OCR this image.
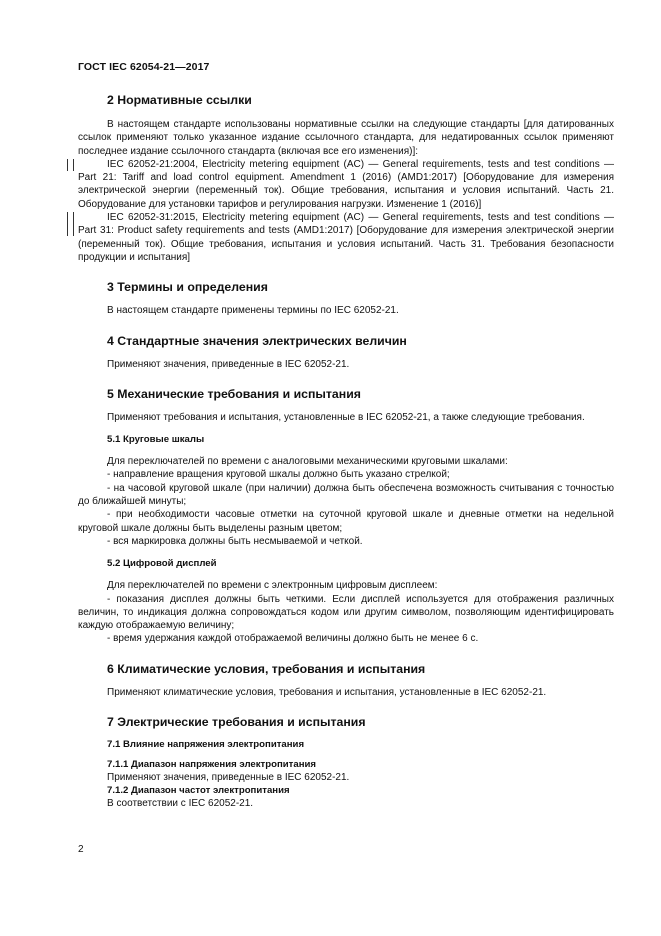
ГОСТ IEC 62054-21—2017
2 Нормативные ссылки

В настоящем стандарте использованы нормативные ссылки на следующие стандарты [для датированных ссылок применяют только указанное издание ссылочного стандарта, для недатированных ссылок применяют последнее издание ссылочного стандарта (включая все его изменения)]:

IEC 62052-21:2004, Electricity metering equipment (AC) — General requirements, tests and test conditions — Part 21: Tariff and load control equipment. Amendment 1 (2016) (AMD1:2017) [Оборудование для измерения электрической энергии (переменный ток). Общие требования, испытания и условия испытаний. Часть 21. Оборудование для установки тарифов и регулирования нагрузки. Изменение 1 (2016)]

IEC 62052-31:2015, Electricity metering equipment (AC) — General requirements, tests and test conditions — Part 31: Product safety requirements and tests (AMD1:2017) [Оборудование для измерения электрической энергии (переменный ток). Общие требования, испытания и условия испытаний. Часть 31. Требования безопасности продукции и испытания]

3 Термины и определения

В настоящем стандарте применены термины по IEC 62052-21.

4 Стандартные значения электрических величин

Применяют значения, приведенные в IEC 62052-21.

5 Механические требования и испытания

Применяют требования и испытания, установленные в IEC 62052-21, а также следующие требования.

5.1 Круговые шкалы

Для переключателей по времени с аналоговыми механическими круговыми шкалами:

- направление вращения круговой шкалы должно быть указано стрелкой;

- на часовой круговой шкале (при наличии) должна быть обеспечена возможность считывания с точностью до ближайшей минуты;

- при необходимости часовые отметки на суточной круговой шкале и дневные отметки на недельной круговой шкале должны быть выделены разным цветом;

- вся маркировка должны быть несмываемой и четкой.

5.2 Цифровой дисплей

Для переключателей по времени с электронным цифровым дисплеем:

- показания дисплея должны быть четкими. Если дисплей используется для отображения различных величин, то индикация должна сопровождаться кодом или другим символом, позволяющим идентифицировать каждую отображаемую величину;

- время удержания каждой отображаемой величины должно быть не менее 6 с.

6 Климатические условия, требования и испытания

Применяют климатические условия, требования и испытания, установленные в IEC 62052-21.

7 Электрические требования и испытания
7.1 Влияние напряжения электропитания
7.1.1 Диапазон напряжения электропитания

Применяют значения, приведенные в IEC 62052-21.

7.1.2 Диапазон частот электропитания

В соответствии с IEC 62052-21.

2
